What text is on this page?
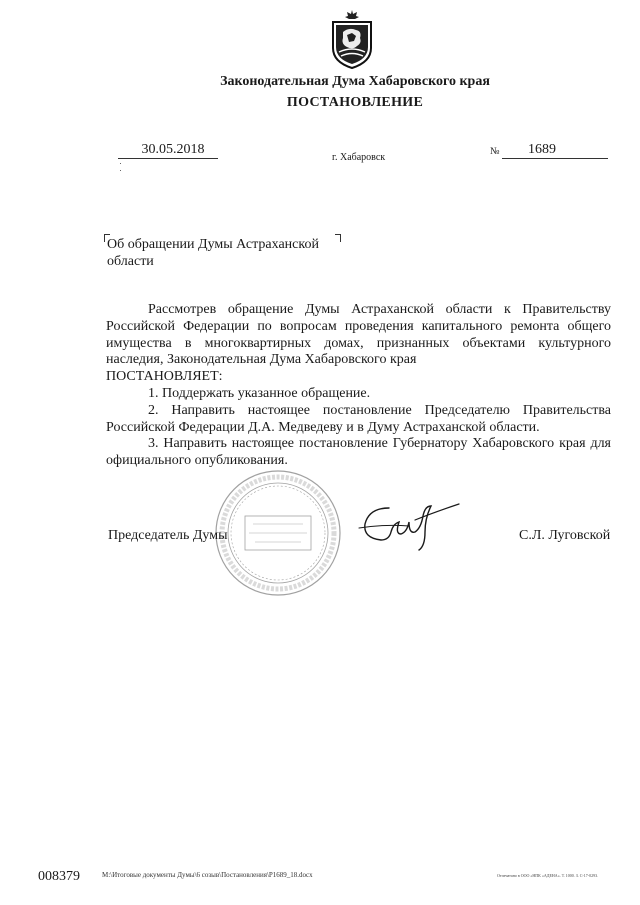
Законодательная Дума Хабаровского края
ПОСТАНОВЛЕНИЕ
30.05.2018
г. Хабаровск
№	1689
Об обращении Думы Астраханской
области

Рассмотрев обращение Думы Астраханской области к Правительству Российской Федерации по вопросам проведения капитального ремонта общего имущества в многоквартирных домах, признанных объектами культурного наследия, Законодательная Дума Хабаровского края

ПОСТАНОВЛЯЕТ:

1. Поддержать указанное обращение.

2. Направить настоящее постановление Председателю Правительства Российской Федерации Д.А. Медведеву и в Думу Астраханской области.

3. Направить настоящее постановление Губернатору Хабаровского края для официального опубликования.

Председатель Думы	С.Л. Луговской
008379	M:\Итоговые документы Думы\6 созыв\Постановления\P1689_18.docx	Отпечатано в ООО «НПК «АДЕНА». Т. 1000. З. С-17-0293.
